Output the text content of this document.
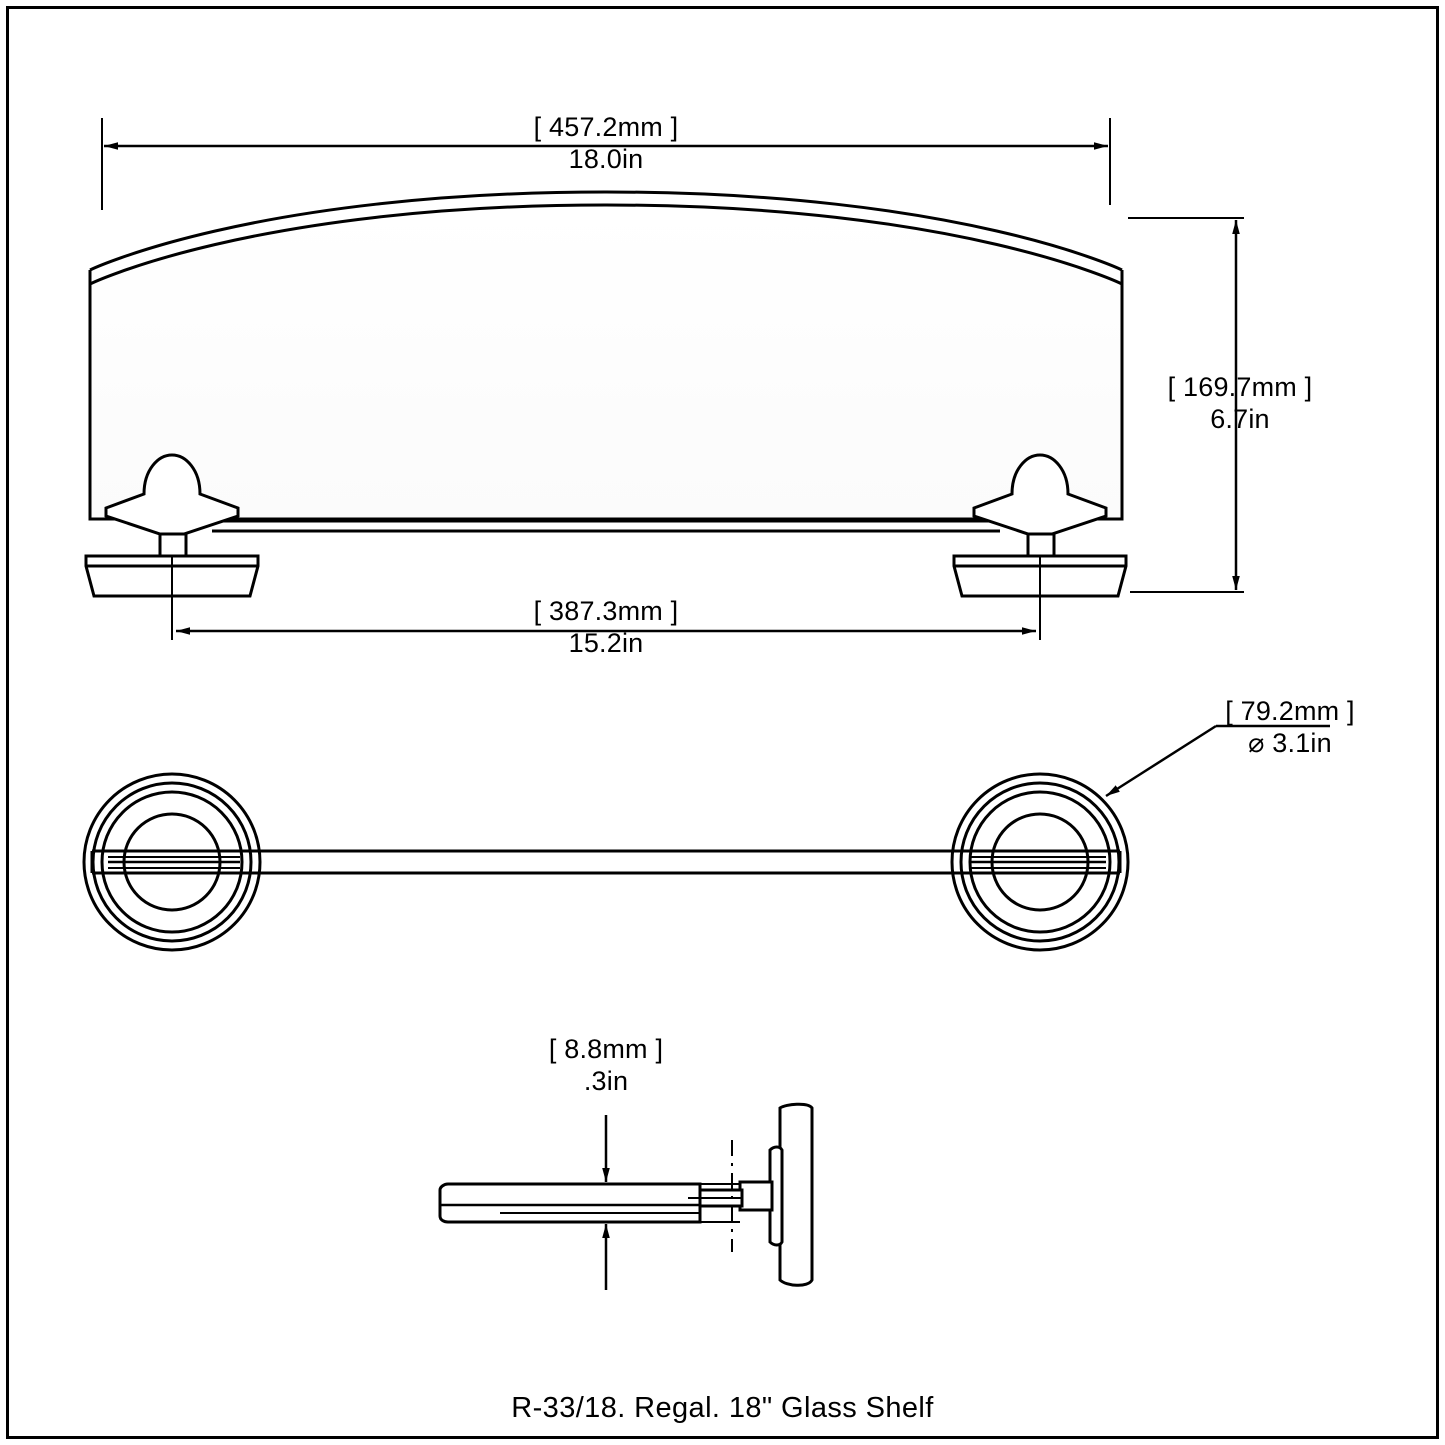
[ 457.2mm ]
18.0in
[ 169.7mm ]
6.7in
[ 387.3mm ]
15.2in
[ 79.2mm ]
⌀ 3.1in
[ 8.8mm ]
.3in
R-33/18. Regal. 18" Glass Shelf
